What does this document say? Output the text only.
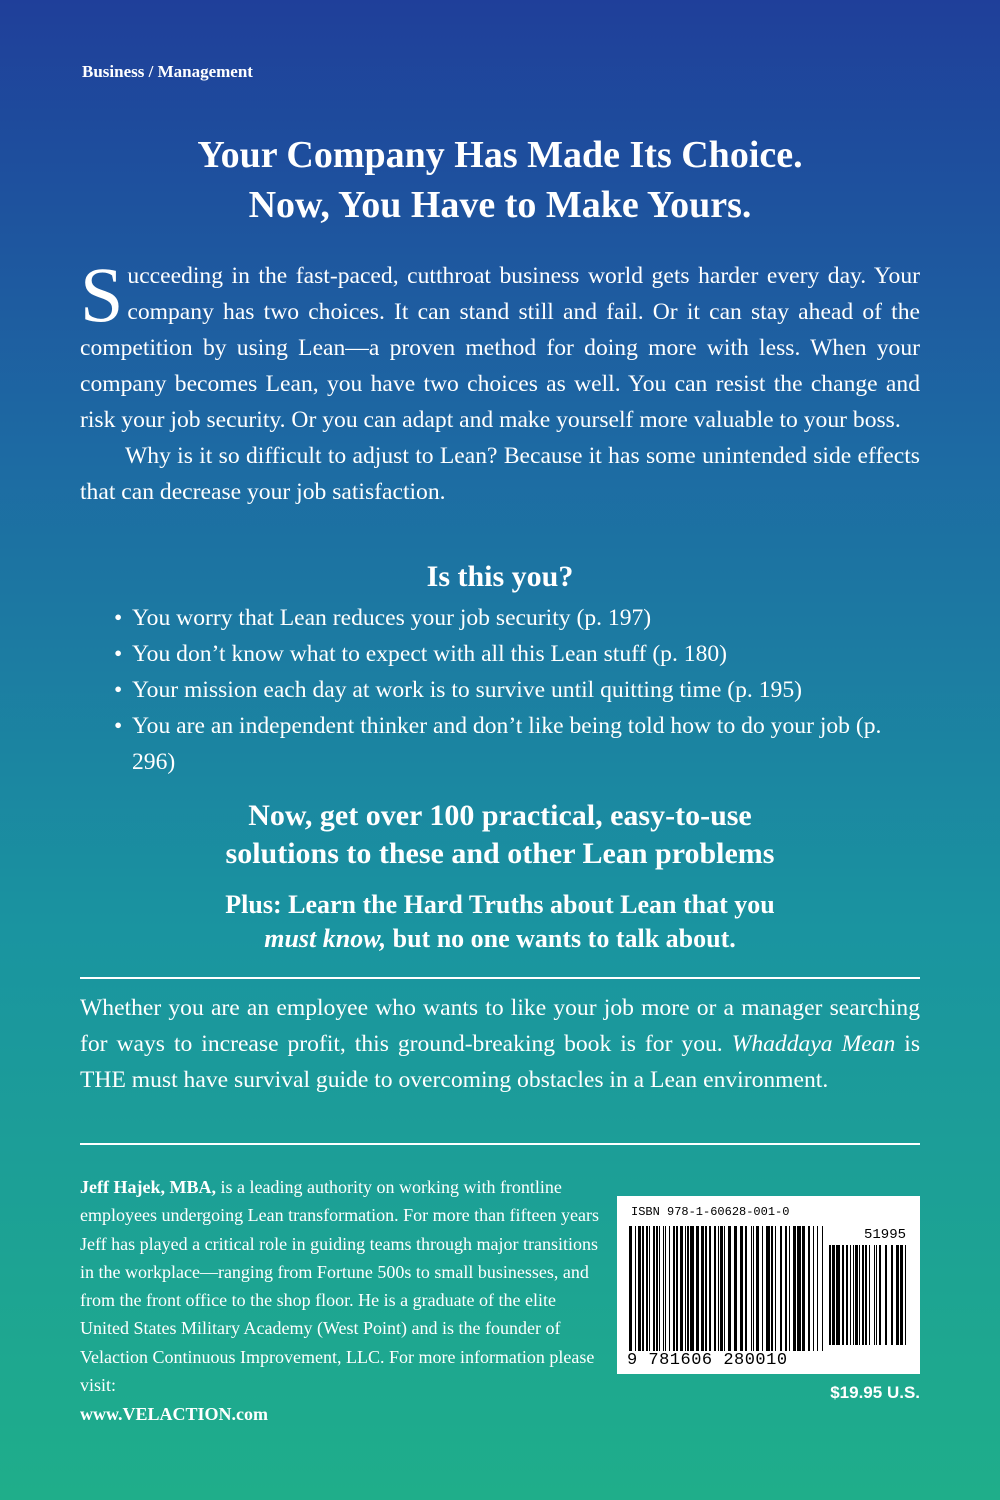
Business / Management
Your Company Has Made Its Choice.
Now, You Have to Make Yours.

Succeeding in the fast-paced, cutthroat business world gets harder every day. Your company has two choices. It can stand still and fail. Or it can stay ahead of the competition by using Lean—a proven method for doing more with less. When your company becomes Lean, you have two choices as well. You can resist the change and risk your job security. Or you can adapt and make yourself more valuable to your boss.

Why is it so difficult to adjust to Lean? Because it has some unintended side effects that can decrease your job satisfaction.

Is this you?
• You worry that Lean reduces your job security (p. 197)
• You don’t know what to expect with all this Lean stuff (p. 180)
• Your mission each day at work is to survive until quitting time (p. 195)
• You are an independent thinker and don’t like being told how to do your job (p. 296)
Now, get over 100 practical, easy-to-use
solutions to these and other Lean problems
Plus: Learn the Hard Truths about Lean that you
must know, but no one wants to talk about.
Whether you are an employee who wants to like your job more or a manager searching for ways to increase profit, this ground-breaking book is for you. Whaddaya Mean is THE must have survival guide to overcoming obstacles in a Lean environment.
Jeff Hajek, MBA, is a leading authority on working with frontline employees undergoing Lean transformation. For more than fifteen years Jeff has played a critical role in guiding teams through major transitions in the workplace—ranging from Fortune 500s to small businesses, and from the front office to the shop floor. He is a graduate of the elite United States Military Academy (West Point) and is the founder of Velaction Continuous Improvement, LLC. For more information please visit:
www.VELACTION.com
ISBN 978-1-60628-001-0
51995
9 781606 280010
$19.95 U.S.
